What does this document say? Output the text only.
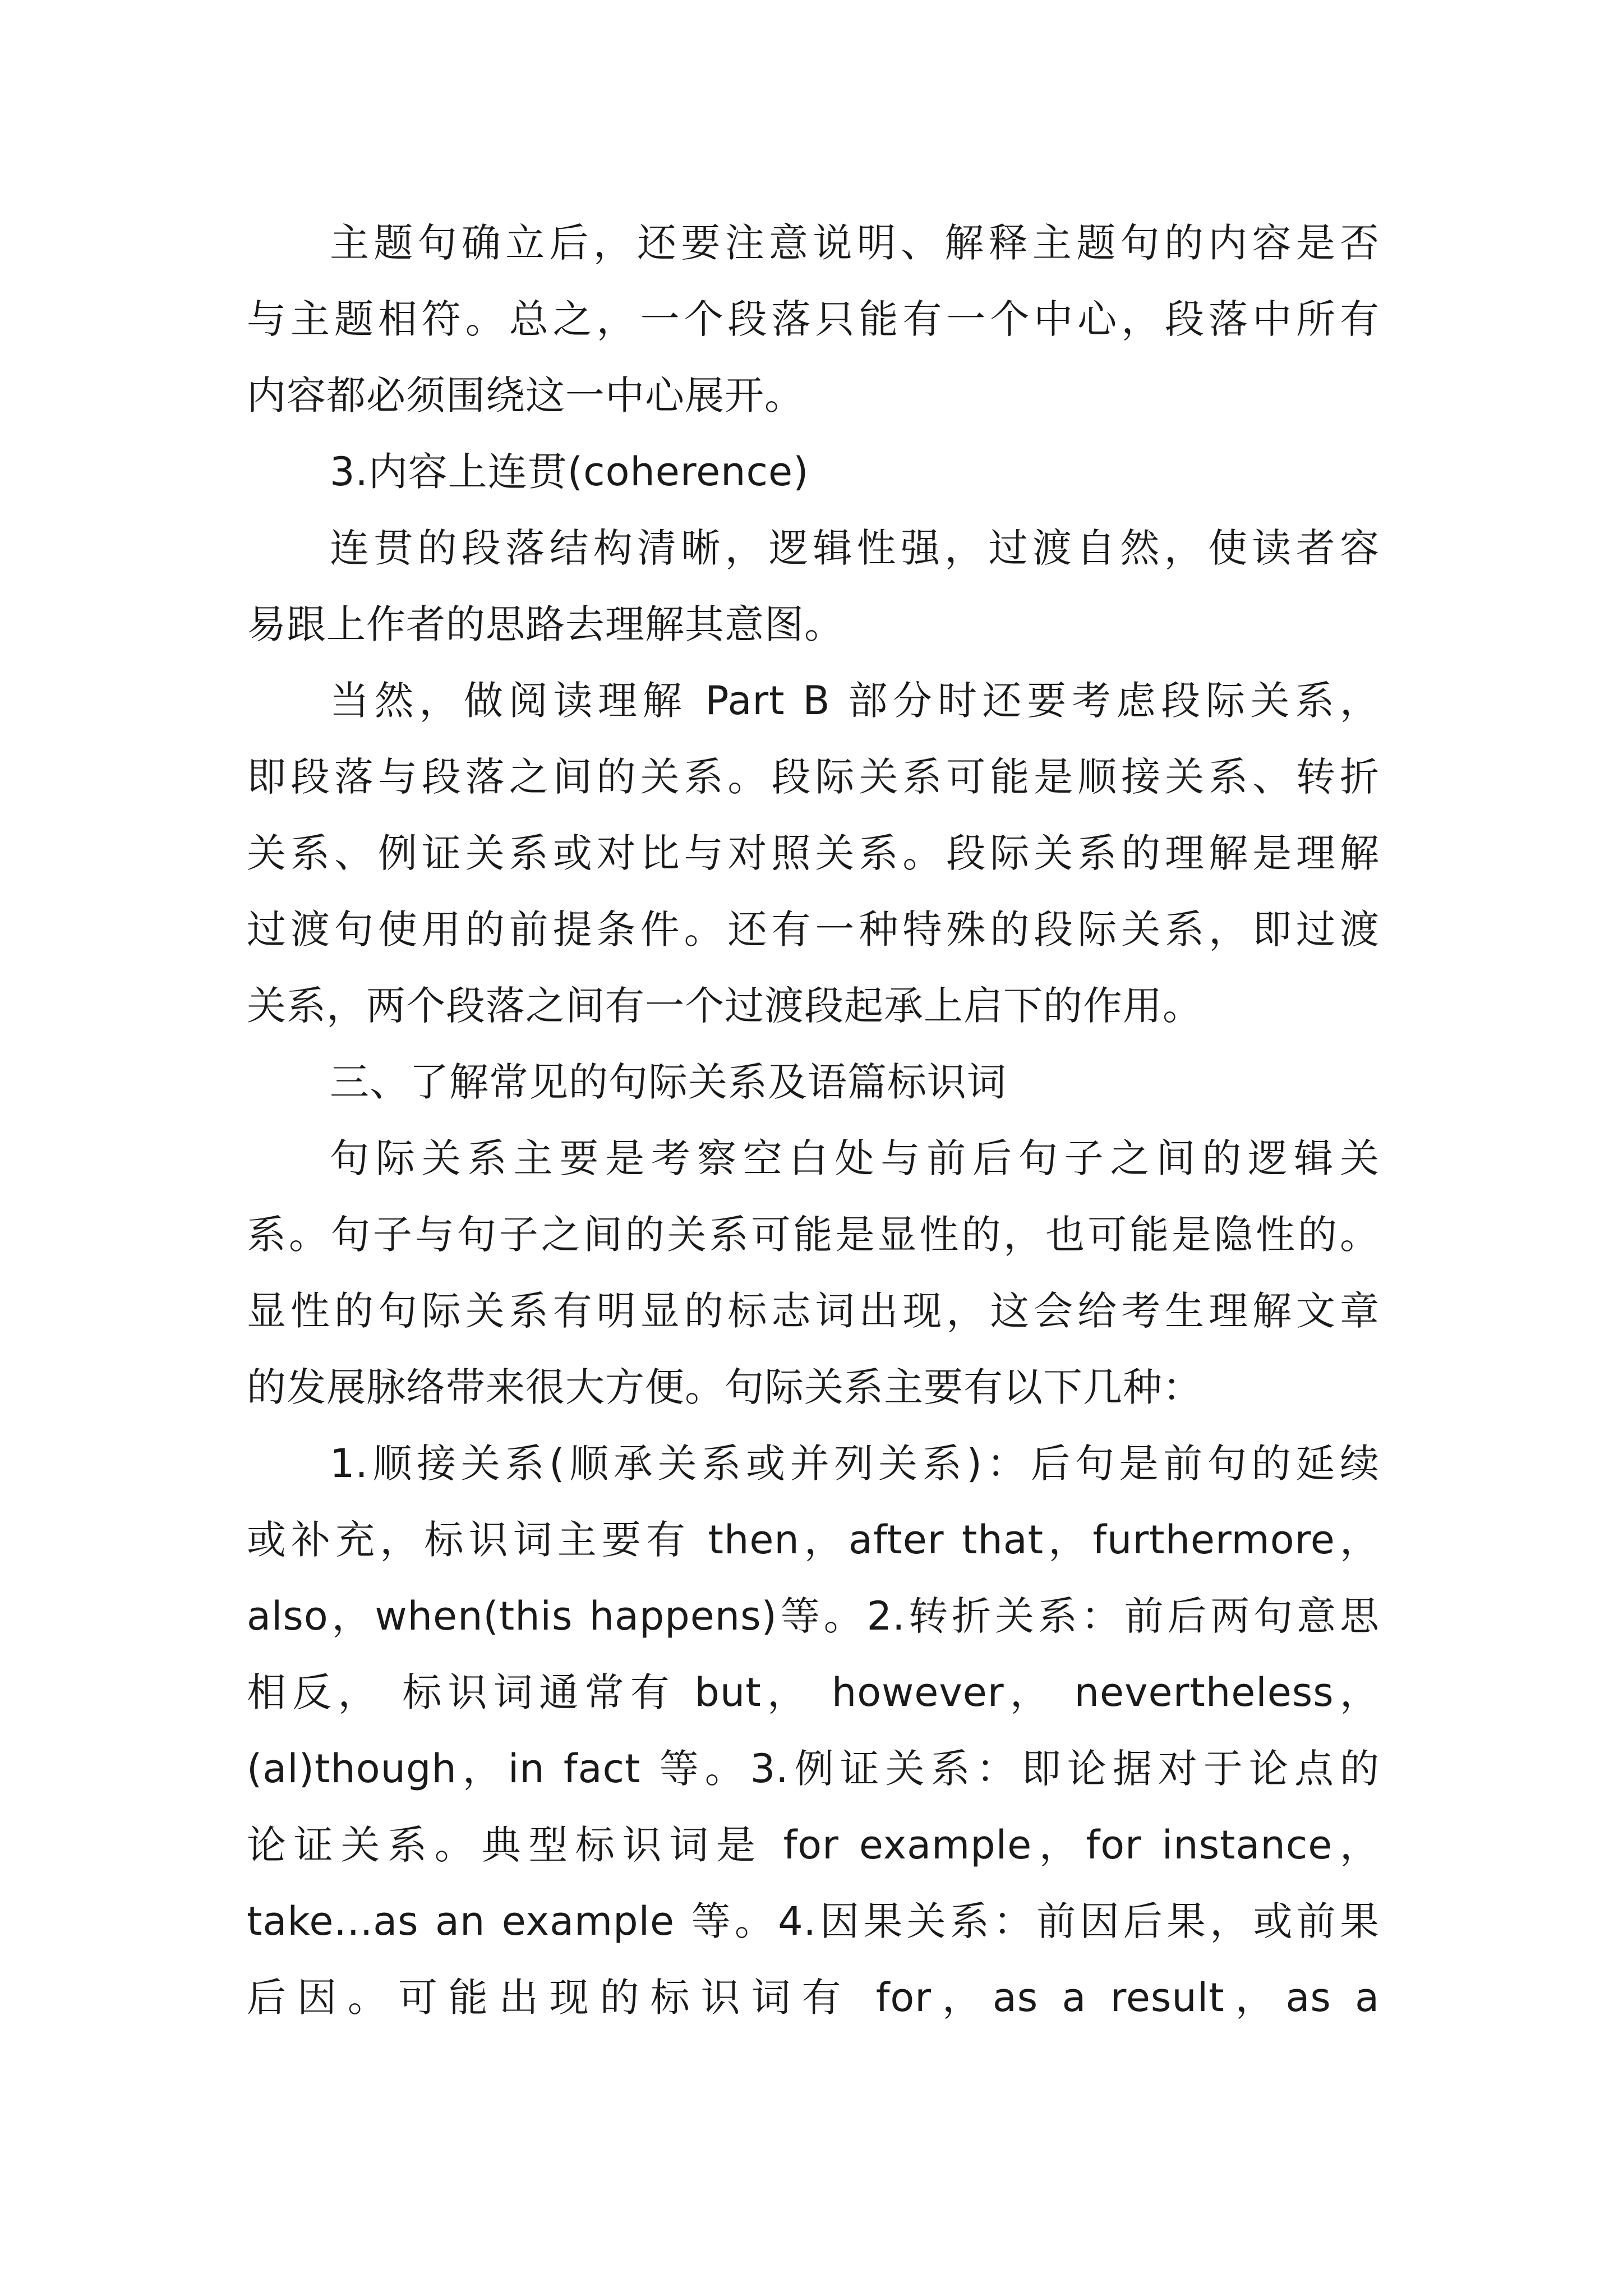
主题句确立后，还要注意说明、解释主题句的内容是否
与主题相符。总之，一个段落只能有一个中心，段落中所有
内容都必须围绕这一中心展开。
3.内容上连贯(coherence)
连贯的段落结构清晰，逻辑性强，过渡自然，使读者容
易跟上作者的思路去理解其意图。
当然，做阅读理解 Part B 部分时还要考虑段际关系，
即段落与段落之间的关系。段际关系可能是顺接关系、转折
关系、例证关系或对比与对照关系。段际关系的理解是理解
过渡句使用的前提条件。还有一种特殊的段际关系，即过渡
关系，两个段落之间有一个过渡段起承上启下的作用。
三、了解常见的句际关系及语篇标识词
句际关系主要是考察空白处与前后句子之间的逻辑关
系。句子与句子之间的关系可能是显性的，也可能是隐性的。
显性的句际关系有明显的标志词出现，这会给考生理解文章
的发展脉络带来很大方便。句际关系主要有以下几种：
1.顺接关系(顺承关系或并列关系)：后句是前句的延续
或补充，标识词主要有 then，after that，furthermore，
also，when(this happens)等。2.转折关系：前后两句意思
相反， 标识词通常有 but， however， nevertheless，
(al)though，in fact 等。3.例证关系：即论据对于论点的
论证关系。典型标识词是 for example，for instance，
take...as an example 等。4.因果关系：前因后果，或前果
后因。可能出现的标识词有 for，as a result，as a
